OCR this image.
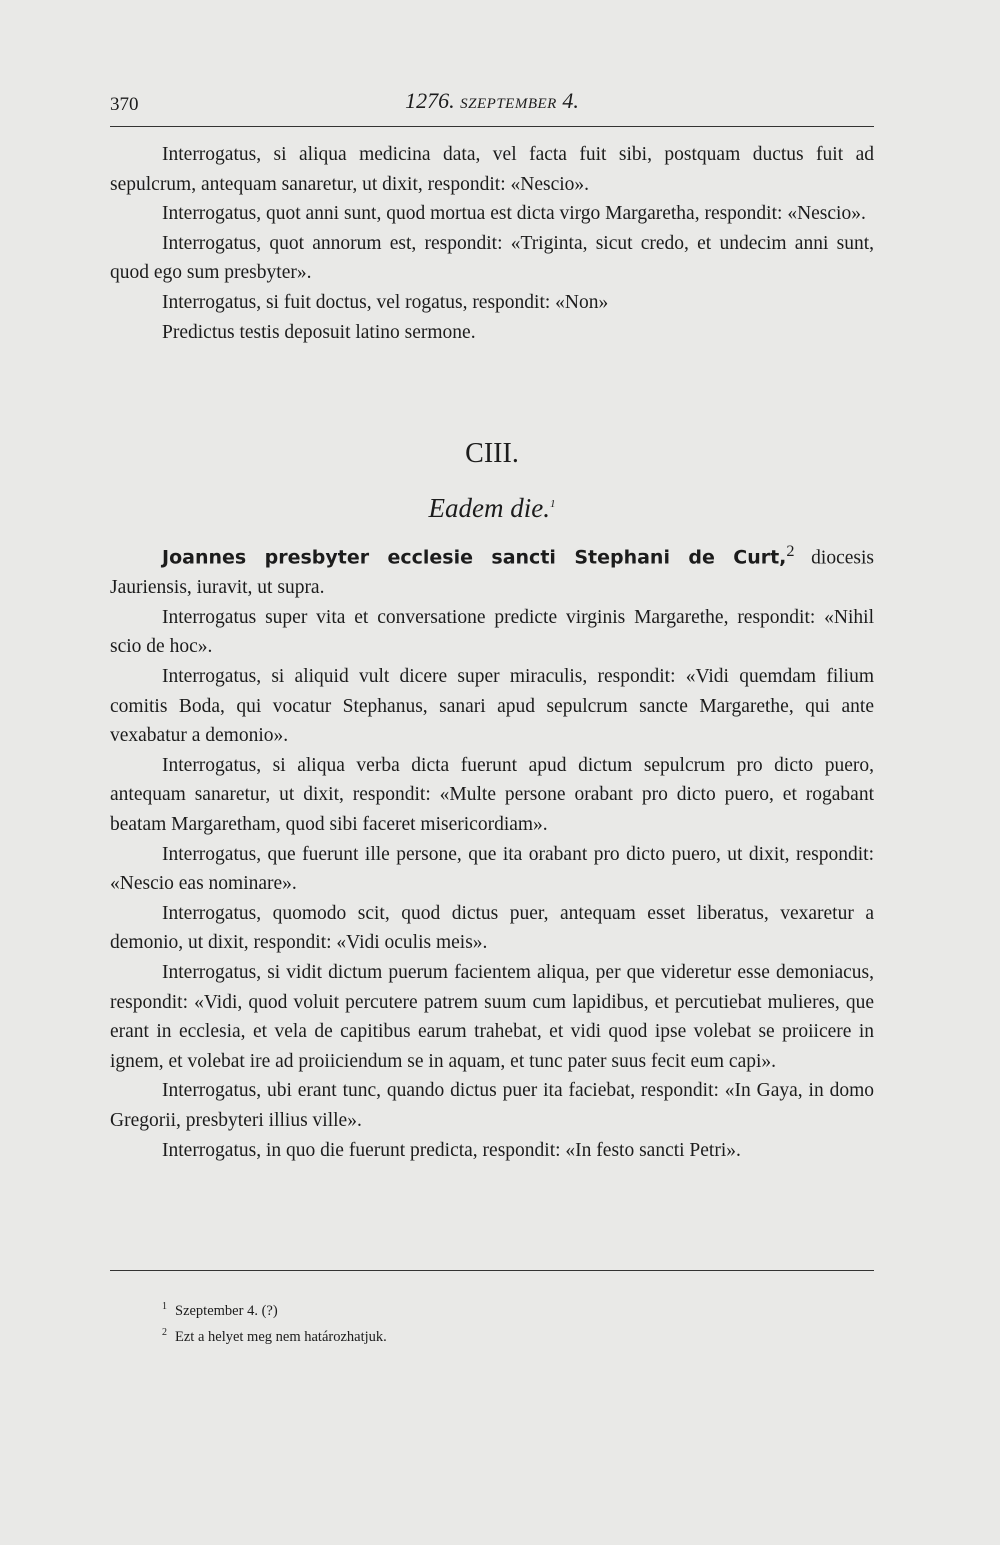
370	1276. SZEPTEMBER 4.

Interrogatus, si aliqua medicina data, vel facta fuit sibi, postquam ductus fuit ad sepulcrum, antequam sanaretur, ut dixit, respondit: «Nescio».

Interrogatus, quot anni sunt, quod mortua est dicta virgo Margaretha, respondit: «Nescio».

Interrogatus, quot annorum est, respondit: «Triginta, sicut credo, et undecim anni sunt, quod ego sum presbyter».

Interrogatus, si fuit doctus, vel rogatus, respondit: «Non»

Predictus testis deposuit latino sermone.

CIII.
Eadem die.$^1$

Joannes presbyter ecclesie sancti Stephani de Curt,$^2$ diocesis Jauriensis, iuravit, ut supra.

Interrogatus super vita et conversatione predicte virginis Margarethe, respondit: «Nihil scio de hoc».

Interrogatus, si aliquid vult dicere super miraculis, respondit: «Vidi quemdam filium comitis Boda, qui vocatur Stephanus, sanari apud sepulcrum sancte Margarethe, qui ante vexabatur a demonio».

Interrogatus, si aliqua verba dicta fuerunt apud dictum sepulcrum pro dicto puero, antequam sanaretur, ut dixit, respondit: «Multe persone orabant pro dicto puero, et rogabant beatam Margaretham, quod sibi faceret misericordiam».

Interrogatus, que fuerunt ille persone, que ita orabant pro dicto puero, ut dixit, respondit: «Nescio eas nominare».

Interrogatus, quomodo scit, quod dictus puer, antequam esset liberatus, vexaretur a demonio, ut dixit, respondit: «Vidi oculis meis».

Interrogatus, si vidit dictum puerum facientem aliqua, per que videretur esse demoniacus, respondit: «Vidi, quod voluit percutere patrem suum cum lapidibus, et percutiebat mulieres, que erant in ecclesia, et vela de capitibus earum trahebat, et vidi quod ipse volebat se proiicere in ignem, et volebat ire ad proiiciendum se in aquam, et tunc pater suus fecit eum capi».

Interrogatus, ubi erant tunc, quando dictus puer ita faciebat, respondit: «In Gaya, in domo Gregorii, presbyteri illius ville».

Interrogatus, in quo die fuerunt predicta, respondit: «In festo sancti Petri».

$^1$ Szeptember 4. (?)
$^2$ Ezt a helyet meg nem határozhatjuk.
